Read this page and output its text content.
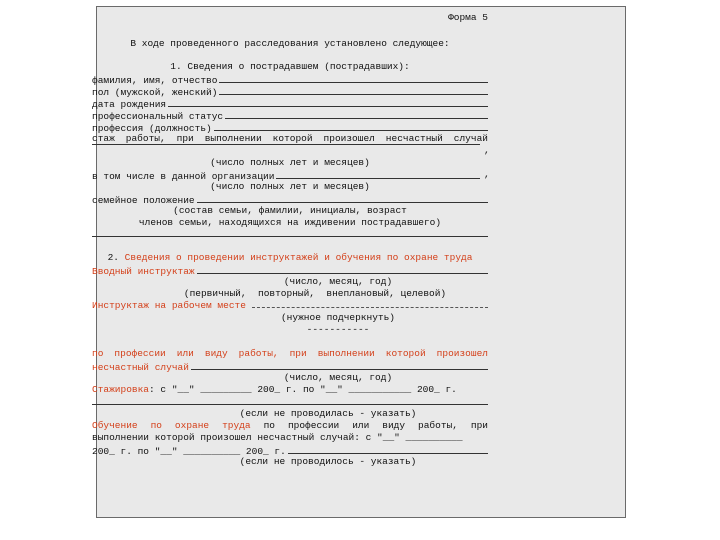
Форма 5
В ходе проведенного расследования установлено следующее:
1. Сведения о пострадавшем (пострадавших):
фамилия, имя, отчество
пол (мужской, женский)
дата рождения
профессиональный статус
профессия (должность)
стаж работы, при выполнении которой произошел несчастный случай
,
(число полных лет и месяцев)
в том числе в данной организации	,
(число полных лет и месяцев)
семейное положение
(состав семьи, фамилии, инициалы, возраст
членов семьи, находящихся на иждивении пострадавшего)
2. Сведения о проведении инструктажей и обучения по охране труда
Вводный инструктаж
(число, месяц, год)
(первичный,  повторный,  внеплановый, целевой)
Инструктаж на рабочем месте
(нужное подчеркнуть)
-----------
по профессии или виду работы, при выполнении которой произошел
несчастный случай
(число, месяц, год)
Стажировка: с "__" _________ 200_ г. по "__" ___________ 200_ г.
(если не проводилась - указать)
Обучение по охране труда по профессии или виду работы, при
выполнении которой произошел несчастный случай: с "__" __________
200_ г. по "__" __________ 200_ г.
(если не проводилось - указать)
